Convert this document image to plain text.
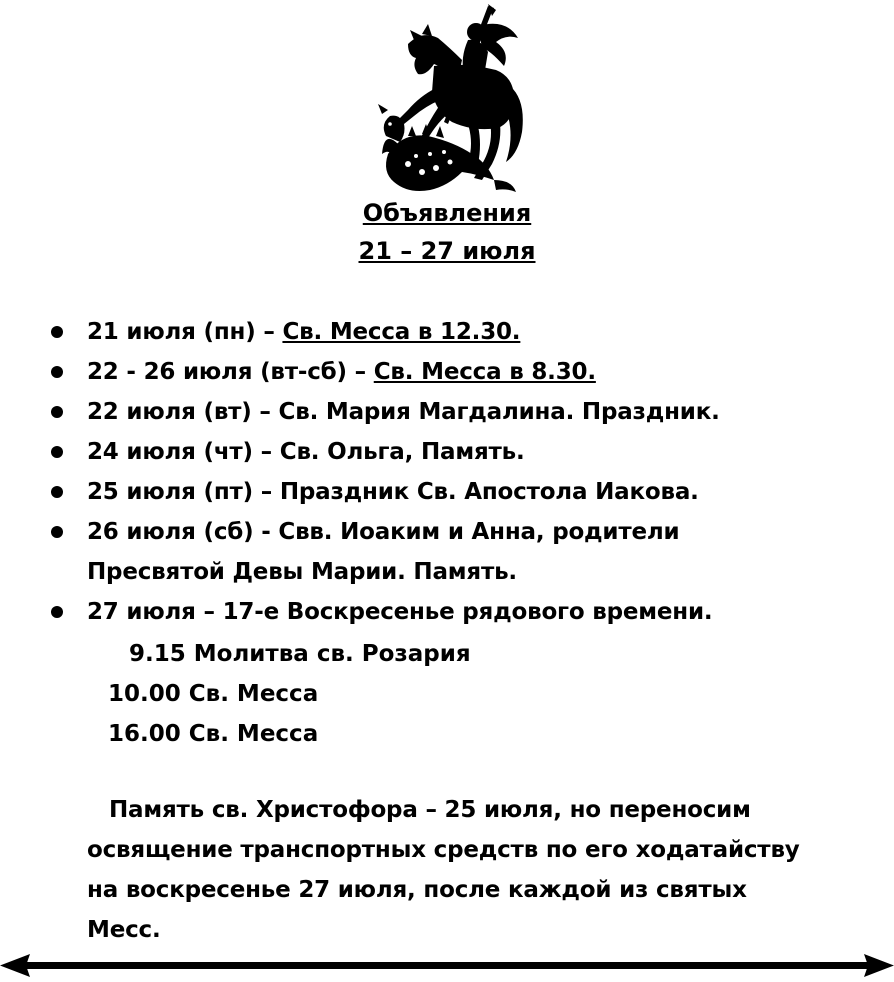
Объявления
21 – 27 июля
21 июля (пн) – Св. Месса в 12.30.
22 - 26 июля (вт-сб) – Св. Месса в 8.30.
22 июля (вт) – Св. Мария Магдалина. Праздник.
24 июля (чт) – Св. Ольга, Память.
25 июля (пт) – Праздник Св. Апостола Иакова.
26 июля (сб) - Свв. Иоаким и Анна, родители
Пресвятой Девы Марии. Память.
27 июля – 17-е Воскресенье рядового времени.
9.15 Молитва св. Розария
10.00 Св. Месса
16.00 Св. Месса
Память св. Христофора – 25 июля, но переносим
освящение транспортных средств по его ходатайству
на воскресенье 27 июля, после каждой из святых
Месс.
